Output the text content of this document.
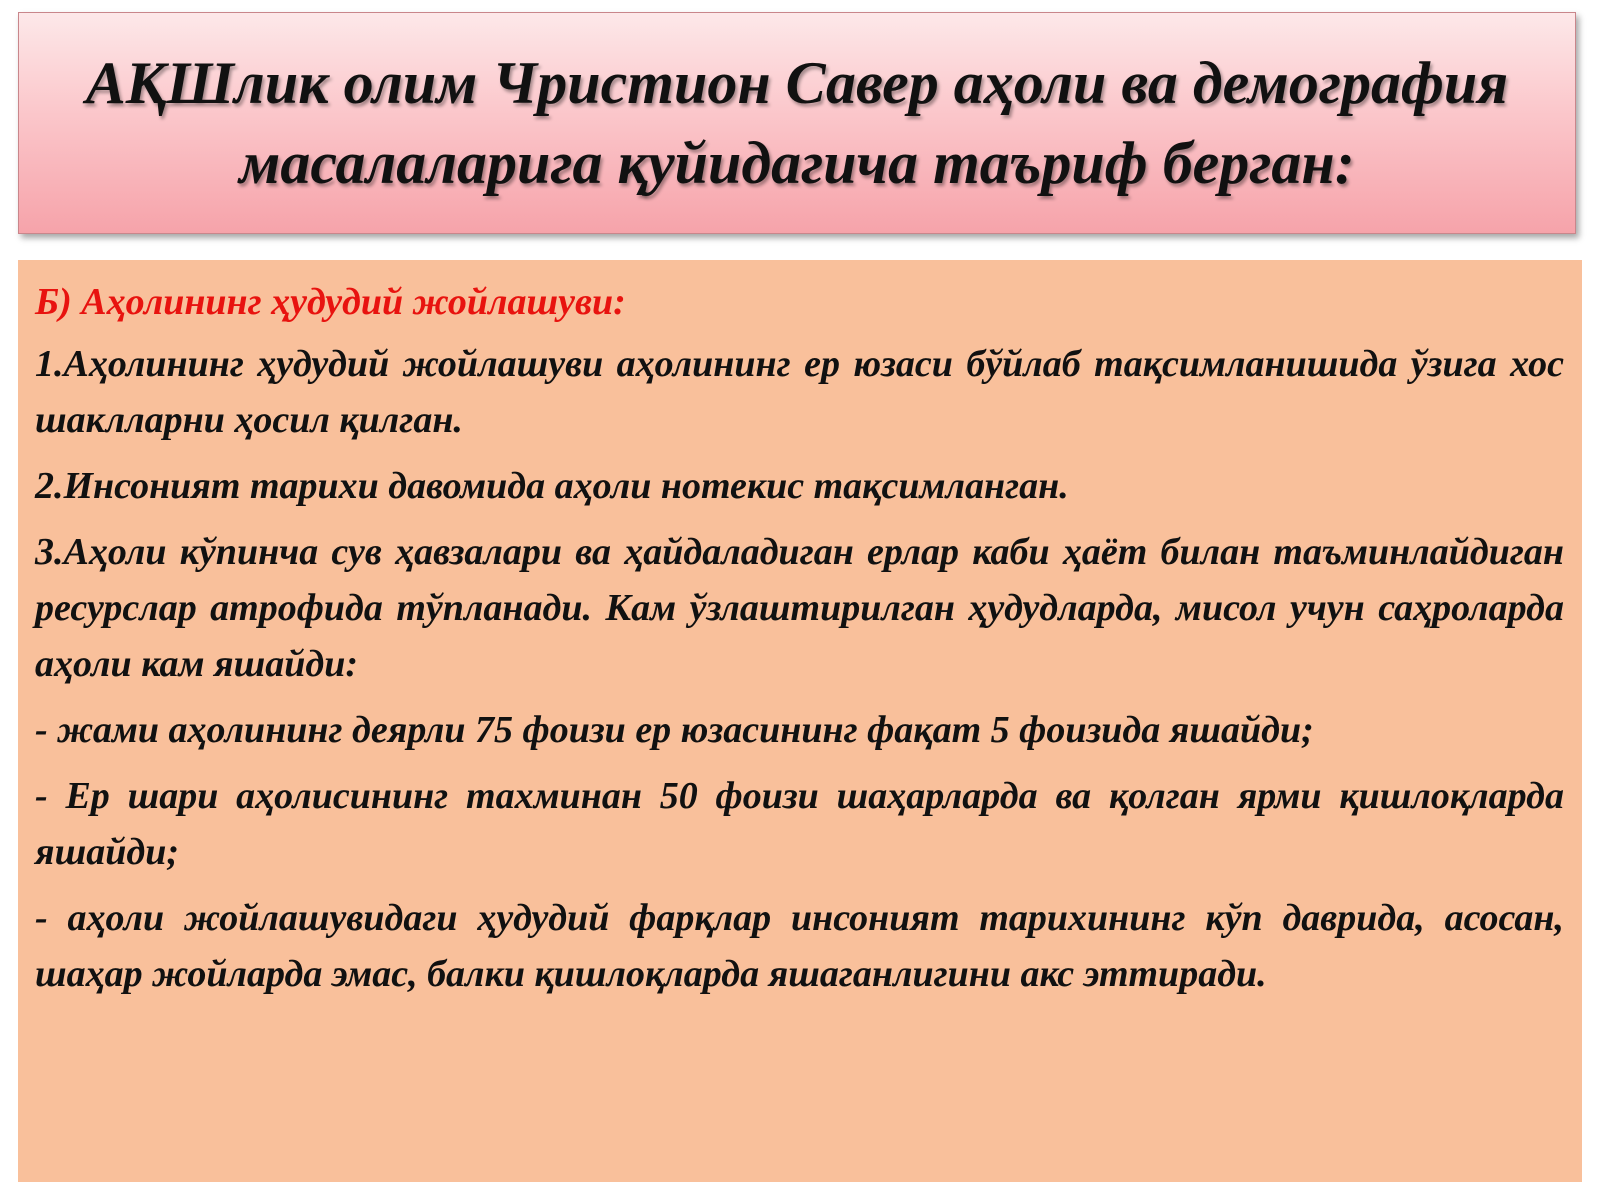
АҚШлик олим Чристион Савер аҳоли ва демография масалаларига қуйидагича таъриф берган:

Б) Аҳолининг ҳудудий жойлашуви:

1.Аҳолининг ҳудудий жойлашуви аҳолининг ер юзаси бўйлаб тақсимланишида ўзига хос шаклларни ҳосил қилган.

2.Инсоният тарихи давомида аҳоли нотекис тақсимланган.

3.Аҳоли кўпинча сув ҳавзалари ва ҳайдаладиган ерлар каби ҳаёт билан таъминлайдиган ресурслар атрофида тўпланади. Кам ўзлаштирилган ҳудудларда, мисол учун саҳроларда аҳоли кам яшайди:

- жами аҳолининг деярли 75 фоизи ер юзасининг фақат 5 фоизида яшайди;

- Ер шари аҳолисининг тахминан 50 фоизи шаҳарларда ва қолган ярми қишлоқларда яшайди;

- аҳоли жойлашувидаги ҳудудий фарқлар инсоният тарихининг кўп даврида, асосан, шаҳар жойларда эмас, балки қишлоқларда яшаганлигини акс эттиради.
